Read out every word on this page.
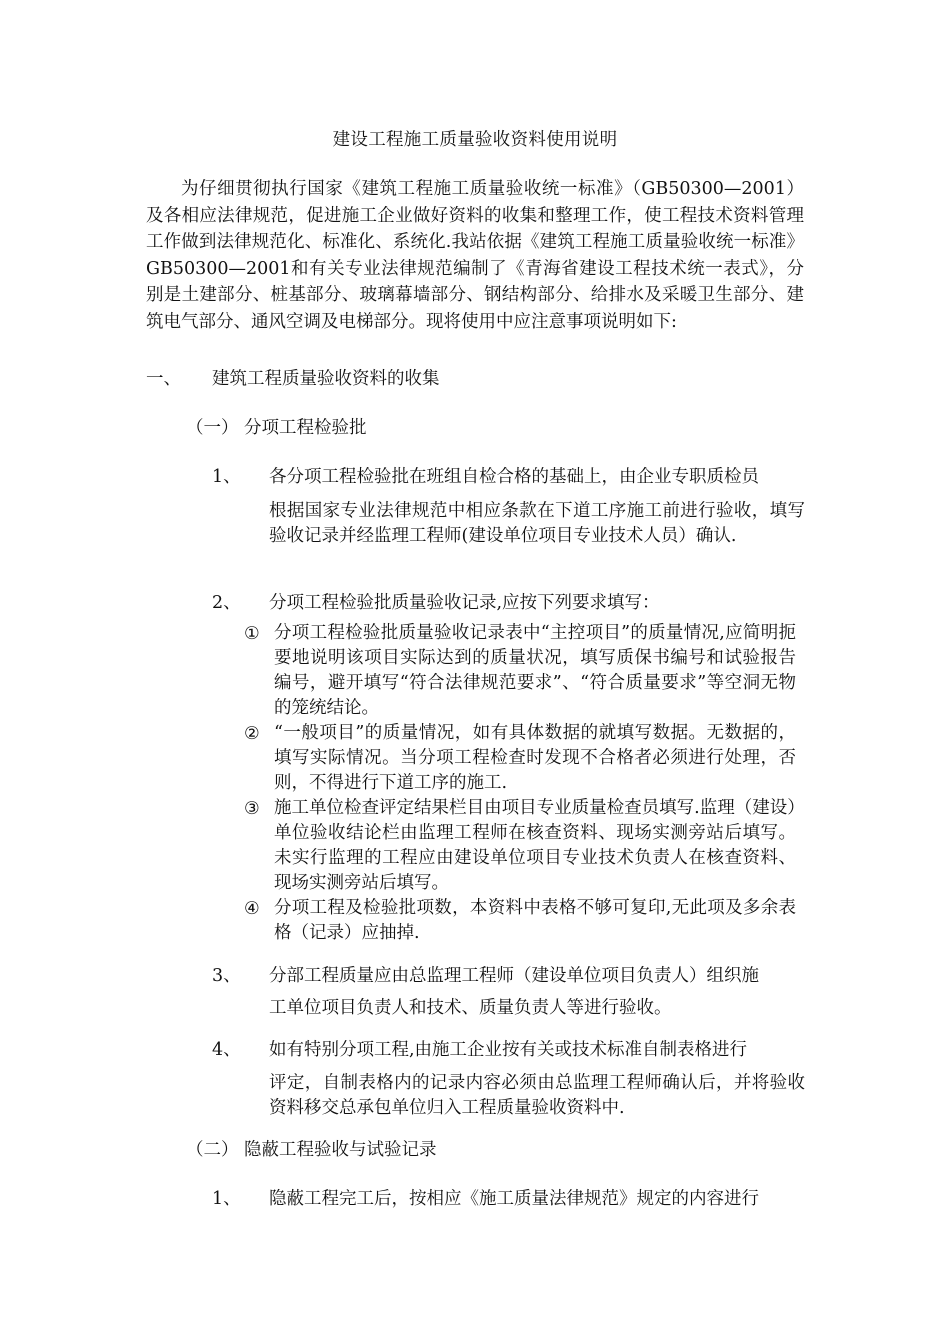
建设工程施工质量验收资料使用说明

为仔细贯彻执行国家《建筑工程施工质量验收统一标准》（GB50300—2001）及各相应法律规范，促进施工企业做好资料的收集和整理工作，使工程技术资料管理工作做到法律规范化、标准化、系统化.我站依据《建筑工程施工质量验收统一标准》GB50300—2001和有关专业法律规范编制了《青海省建设工程技术统一表式》，分别是土建部分、桩基部分、玻璃幕墙部分、钢结构部分、给排水及采暖卫生部分、建筑电气部分、通风空调及电梯部分。现将使用中应注意事项说明如下:

一、 建筑工程质量验收资料的收集
（一） 分项工程检验批
1、 各分项工程检验批在班组自检合格的基础上，由企业专职质检员

根据国家专业法律规范中相应条款在下道工序施工前进行验收，填写验收记录并经监理工程师(建设单位项目专业技术人员）确认.

2、 分项工程检验批质量验收记录,应按下列要求填写：
① 分项工程检验批质量验收记录表中“主控项目”的质量情况,应简明扼要地说明该项目实际达到的质量状况，填写质保书编号和试验报告编号，避开填写“符合法律规范要求”、“符合质量要求”等空洞无物的笼统结论。

② “一般项目”的质量情况，如有具体数据的就填写数据。无数据的，填写实际情况。当分项工程检查时发现不合格者必须进行处理，否则，不得进行下道工序的施工.

③ 施工单位检查评定结果栏目由项目专业质量检查员填写.监理（建设）单位验收结论栏由监理工程师在核查资料、现场实测旁站后填写。未实行监理的工程应由建设单位项目专业技术负责人在核查资料、现场实测旁站后填写。

④ 分项工程及检验批项数，本资料中表格不够可复印,无此项及多余表格（记录）应抽掉.

3、 分部工程质量应由总监理工程师（建设单位项目负责人）组织施

工单位项目负责人和技术、质量负责人等进行验收。

4、 如有特别分项工程,由施工企业按有关或技术标准自制表格进行

评定，自制表格内的记录内容必须由总监理工程师确认后，并将验收资料移交总承包单位归入工程质量验收资料中.

（二） 隐蔽工程验收与试验记录
1、 隐蔽工程完工后，按相应《施工质量法律规范》规定的内容进行
